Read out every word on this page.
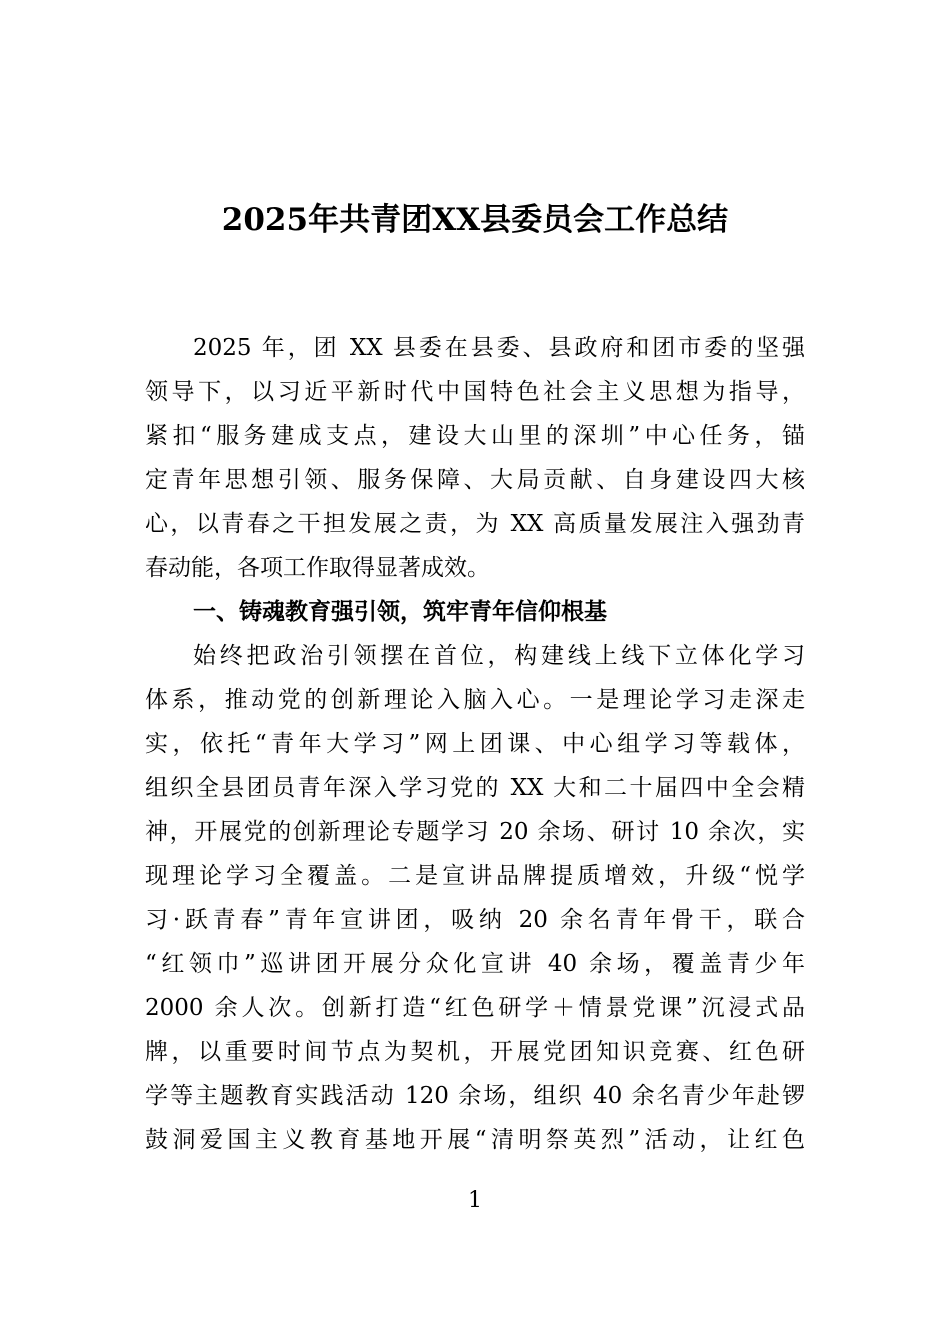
2025年共青团XX县委员会工作总结
2025 年，团 XX 县委在县委、县政府和团市委的坚强
领导下，以习近平新时代中国特色社会主义思想为指导，
紧扣“服务建成支点，建设大山里的深圳”中心任务，锚
定青年思想引领、服务保障、大局贡献、自身建设四大核
心，以青春之干担发展之责，为 XX 高质量发展注入强劲青
春动能，各项工作取得显著成效。
一、铸魂教育强引领，筑牢青年信仰根基
始终把政治引领摆在首位，构建线上线下立体化学习
体系，推动党的创新理论入脑入心。一是理论学习走深走
实，依托“青年大学习”网上团课、中心组学习等载体，
组织全县团员青年深入学习党的 XX 大和二十届四中全会精
神，开展党的创新理论专题学习 20 余场、研讨 10 余次，实
现理论学习全覆盖。二是宣讲品牌提质增效，升级“悦学
习·跃青春”青年宣讲团，吸纳 20 余名青年骨干，联合
“红领巾”巡讲团开展分众化宣讲 40 余场，覆盖青少年
2000 余人次。创新打造“红色研学＋情景党课”沉浸式品
牌，以重要时间节点为契机，开展党团知识竞赛、红色研
学等主题教育实践活动 120 余场，组织 40 余名青少年赴锣
鼓洞爱国主义教育基地开展“清明祭英烈”活动，让红色
1
